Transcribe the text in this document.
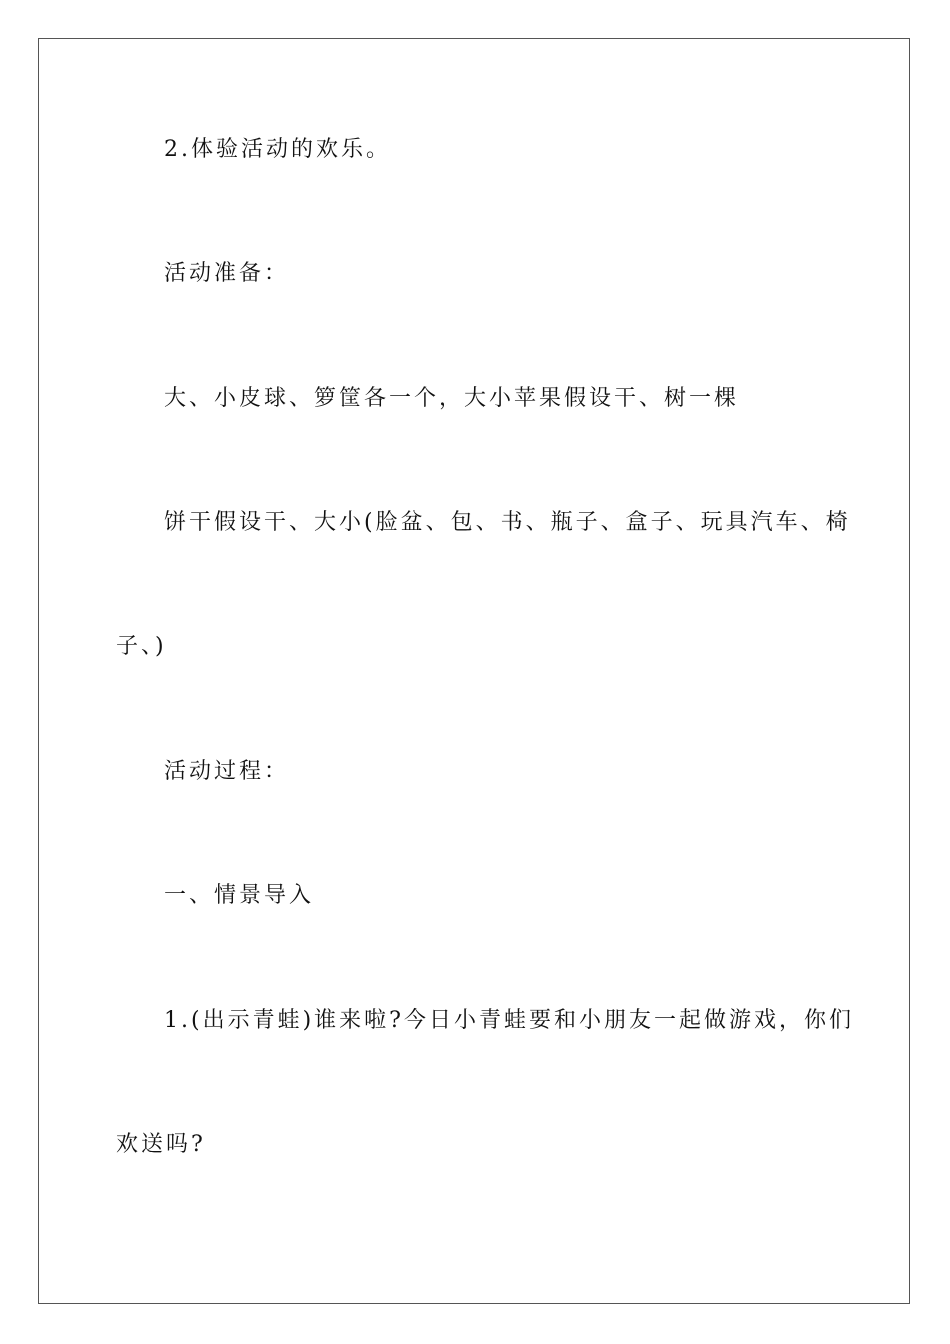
2.体验活动的欢乐。
活动准备：
大、小皮球、箩筐各一个，大小苹果假设干、树一棵
饼干假设干、大小(脸盆、包、书、瓶子、盒子、玩具汽车、椅
子、)
活动过程：
一、情景导入
1.(出示青蛙)谁来啦?今日小青蛙要和小朋友一起做游戏，你们
欢送吗?
